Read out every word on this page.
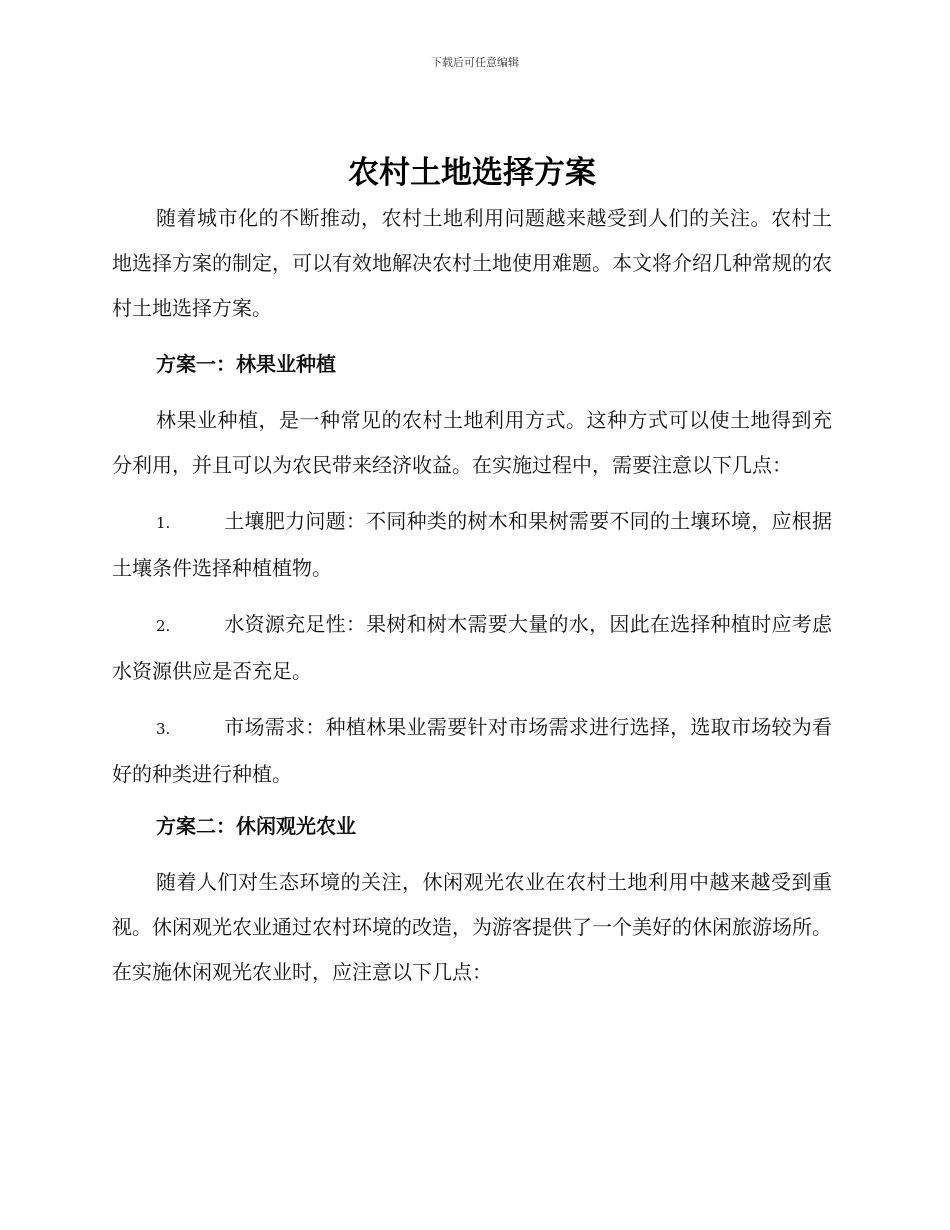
下载后可任意编辑
农村土地选择方案

随着城市化的不断推动，农村土地利用问题越来越受到人们的关注。农村土地选择方案的制定，可以有效地解决农村土地使用难题。本文将介绍几种常规的农村土地选择方案。

方案一：林果业种植

林果业种植，是一种常见的农村土地利用方式。这种方式可以使土地得到充分利用，并且可以为农民带来经济收益。在实施过程中，需要注意以下几点：

1.	土壤肥力问题：不同种类的树木和果树需要不同的土壤环境，应根据土壤条件选择种植植物。

2.	水资源充足性：果树和树木需要大量的水，因此在选择种植时应考虑水资源供应是否充足。

3.	市场需求：种植林果业需要针对市场需求进行选择，选取市场较为看好的种类进行种植。

方案二：休闲观光农业

随着人们对生态环境的关注，休闲观光农业在农村土地利用中越来越受到重视。休闲观光农业通过农村环境的改造，为游客提供了一个美好的休闲旅游场所。在实施休闲观光农业时，应注意以下几点：
